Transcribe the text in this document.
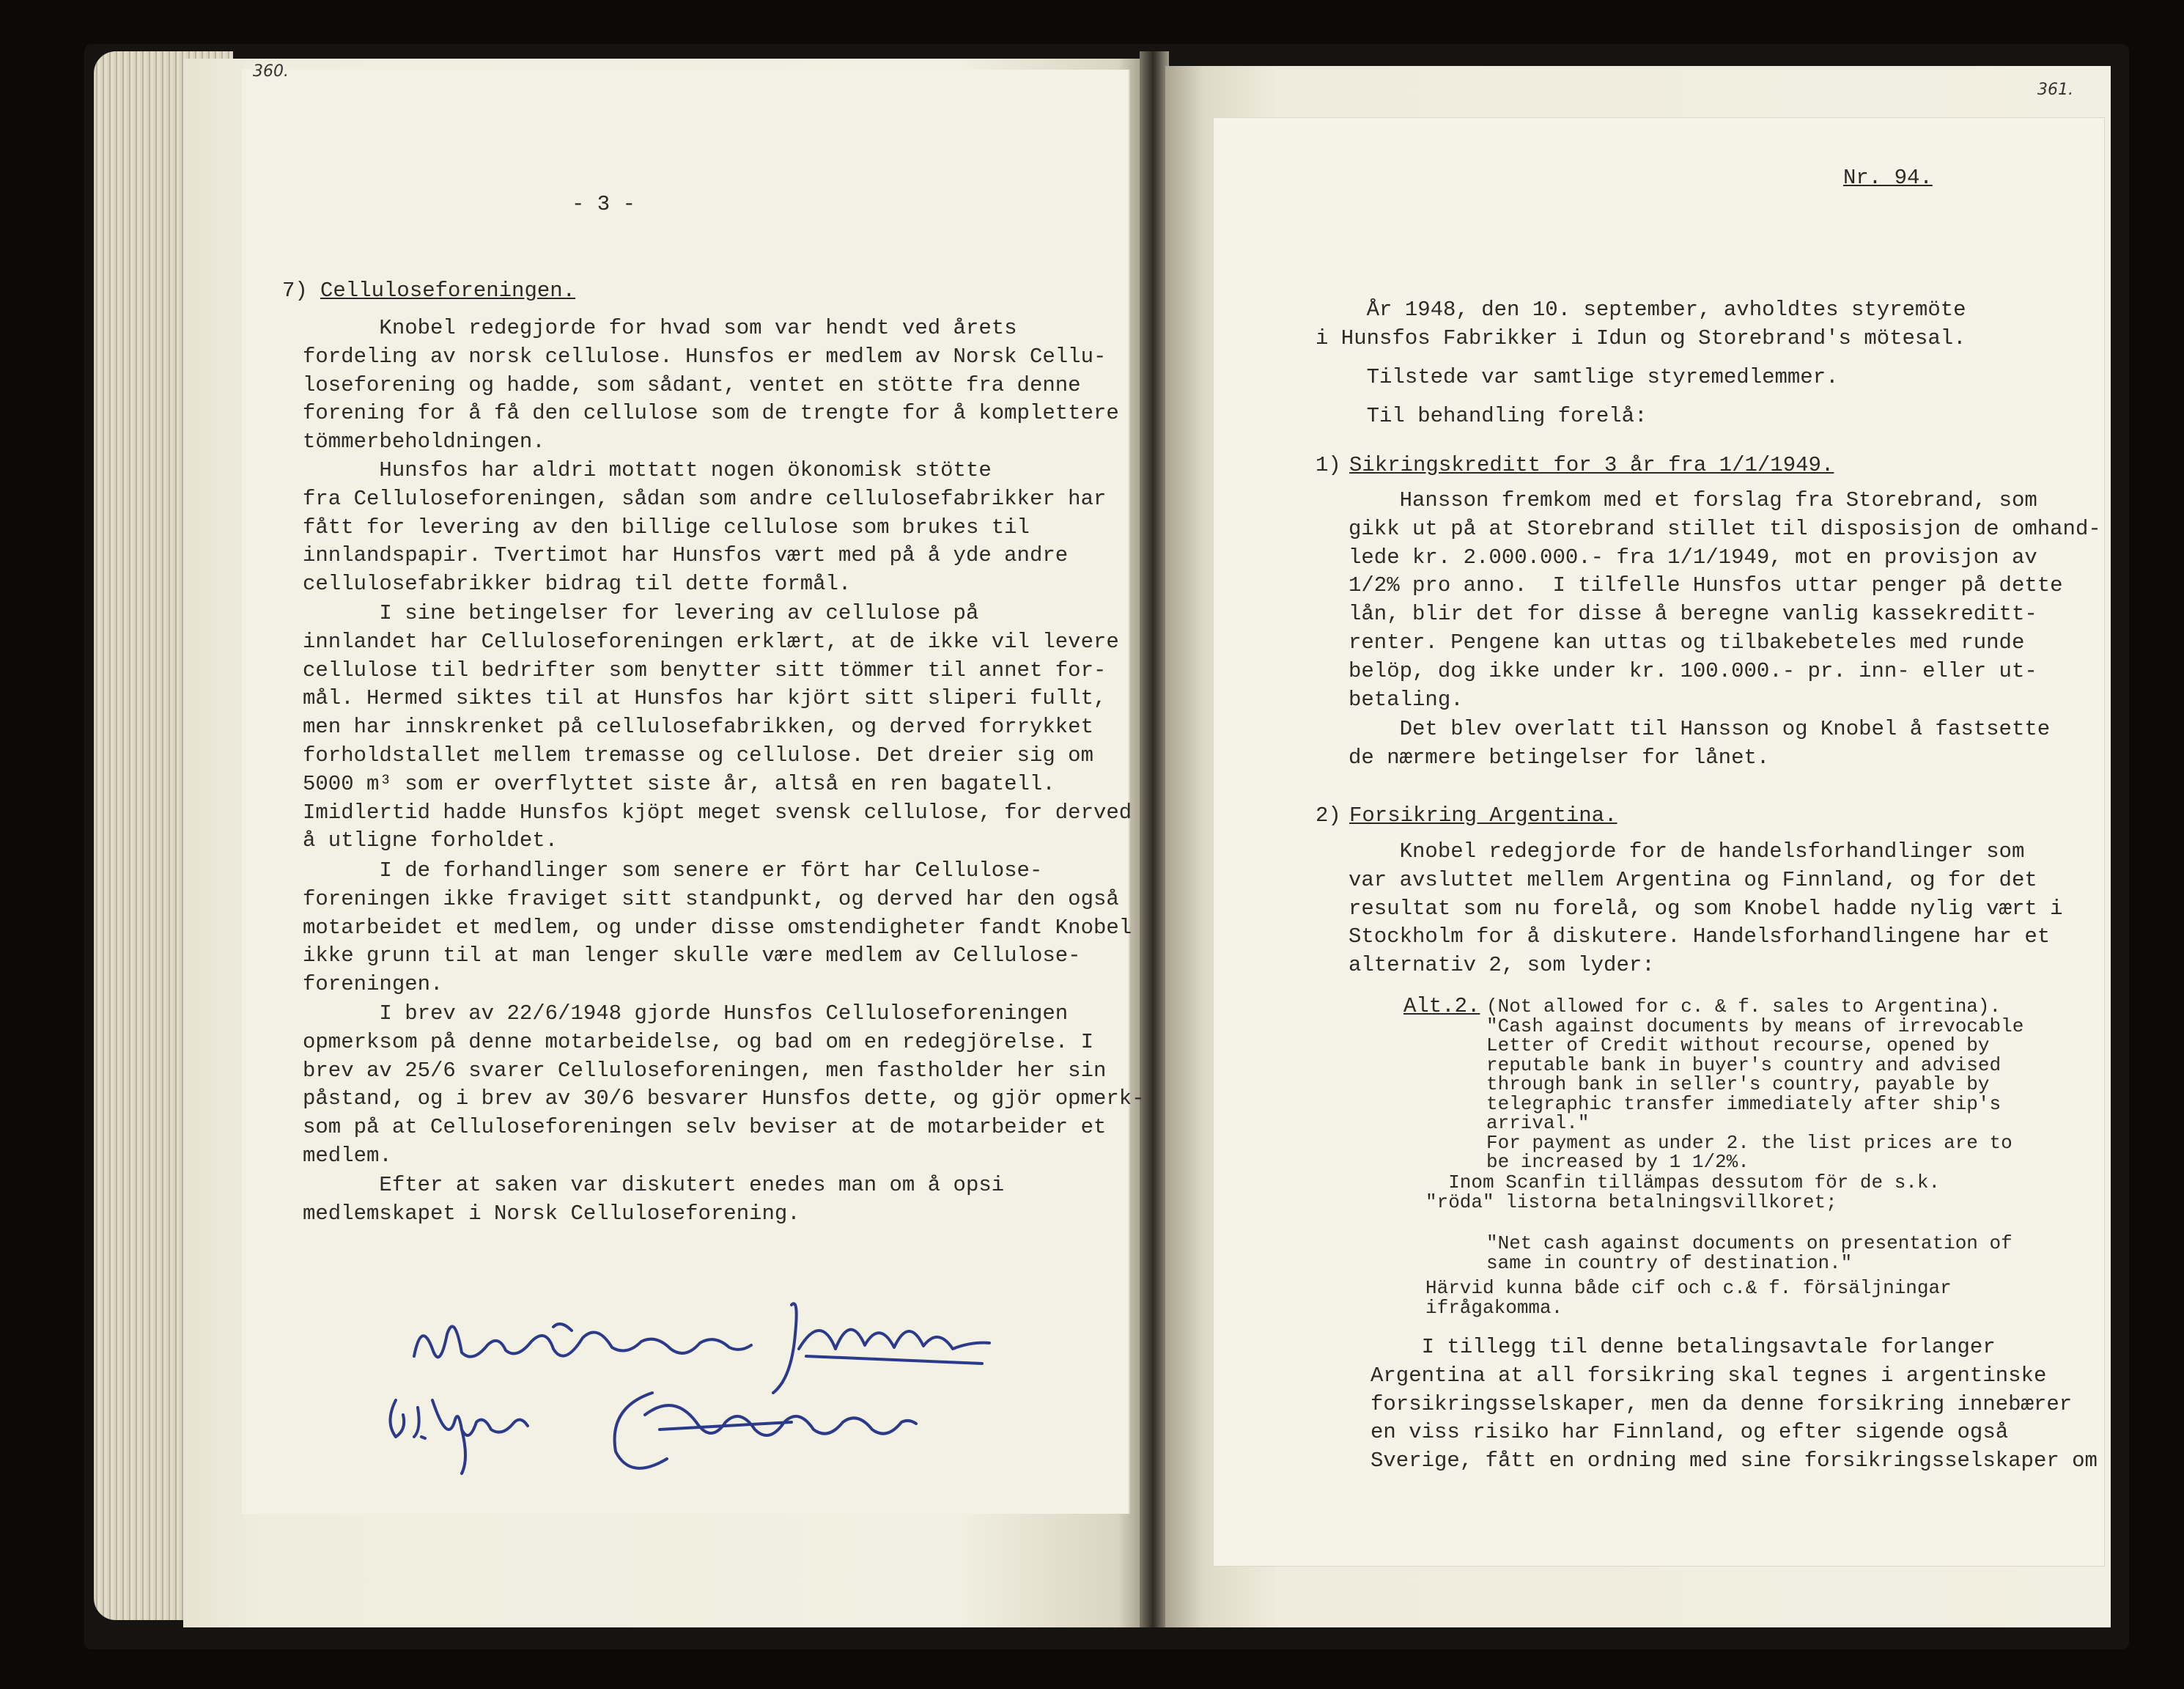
360.
- 3 -
7) Celluloseforeningen.
Knobel redegjorde for hvad som var hendt ved årets
fordeling av norsk cellulose. Hunsfos er medlem av Norsk Cellu-
loseforening og hadde, som sådant, ventet en stötte fra denne
forening for å få den cellulose som de trengte for å komplettere
tömmerbeholdningen.
Hunsfos har aldri mottatt nogen ökonomisk stötte
fra Celluloseforeningen, sådan som andre cellulosefabrikker har
fått for levering av den billige cellulose som brukes til
innlandspapir. Tvertimot har Hunsfos vært med på å yde andre
cellulosefabrikker bidrag til dette formål.
I sine betingelser for levering av cellulose på
innlandet har Celluloseforeningen erklært, at de ikke vil levere
cellulose til bedrifter som benytter sitt tömmer til annet for-
mål. Hermed siktes til at Hunsfos har kjört sitt sliperi fullt,
men har innskrenket på cellulosefabrikken, og derved forrykket
forholdstallet mellem tremasse og cellulose. Det dreier sig om
5000 m³ som er overflyttet siste år, altså en ren bagatell.
Imidlertid hadde Hunsfos kjöpt meget svensk cellulose, for derved
å utligne forholdet.
I de forhandlinger som senere er fört har Cellulose-
foreningen ikke fraviget sitt standpunkt, og derved har den også
motarbeidet et medlem, og under disse omstendigheter fandt Knobel
ikke grunn til at man lenger skulle være medlem av Cellulose-
foreningen.
I brev av 22/6/1948 gjorde Hunsfos Celluloseforeningen
opmerksom på denne motarbeidelse, og bad om en redegjörelse. I
brev av 25/6 svarer Celluloseforeningen, men fastholder her sin
påstand, og i brev av 30/6 besvarer Hunsfos dette, og gjör opmerk-
som på at Celluloseforeningen selv beviser at de motarbeider et
medlem.
Efter at saken var diskutert enedes man om å opsi
medlemskapet i Norsk Celluloseforening.
361.
Nr. 94.
År 1948, den 10. september, avholdtes styremöte
i Hunsfos Fabrikker i Idun og Storebrand's mötesal.
Tilstede var samtlige styremedlemmer.
Til behandling forelå:
1) Sikringskreditt for 3 år fra 1/1/1949.
Hansson fremkom med et forslag fra Storebrand, som
gikk ut på at Storebrand stillet til disposisjon de omhand-
lede kr. 2.000.000.- fra 1/1/1949, mot en provisjon av
1/2% pro anno.  I tilfelle Hunsfos uttar penger på dette
lån, blir det for disse å beregne vanlig kassekreditt-
renter. Pengene kan uttas og tilbakebeteles med runde
belöp, dog ikke under kr. 100.000.- pr. inn- eller ut-
betaling.
Det blev overlatt til Hansson og Knobel å fastsette
de nærmere betingelser for lånet.
2) Forsikring Argentina.
Knobel redegjorde for de handelsforhandlinger som
var avsluttet mellem Argentina og Finnland, og for det
resultat som nu forelå, og som Knobel hadde nylig vært i
Stockholm for å diskutere. Handelsforhandlingene har et
alternativ 2, som lyder:
Alt.2. (Not allowed for c. & f. sales to Argentina).
"Cash against documents by means of irrevocable
Letter of Credit without recourse, opened by
reputable bank in buyer's country and advised
through bank in seller's country, payable by
telegraphic transfer immediately after ship's
arrival."
For payment as under 2. the list prices are to
be increased by 1 1/2%.
Inom Scanfin tillämpas dessutom för de s.k.
"röda" listorna betalningsvillkoret;
"Net cash against documents on presentation of
same in country of destination."
Härvid kunna både cif och c.& f. försäljningar
ifrågakomma.
I tillegg til denne betalingsavtale forlanger
Argentina at all forsikring skal tegnes i argentinske
forsikringsselskaper, men da denne forsikring innebærer
en viss risiko har Finnland, og efter sigende også
Sverige, fått en ordning med sine forsikringsselskaper om
